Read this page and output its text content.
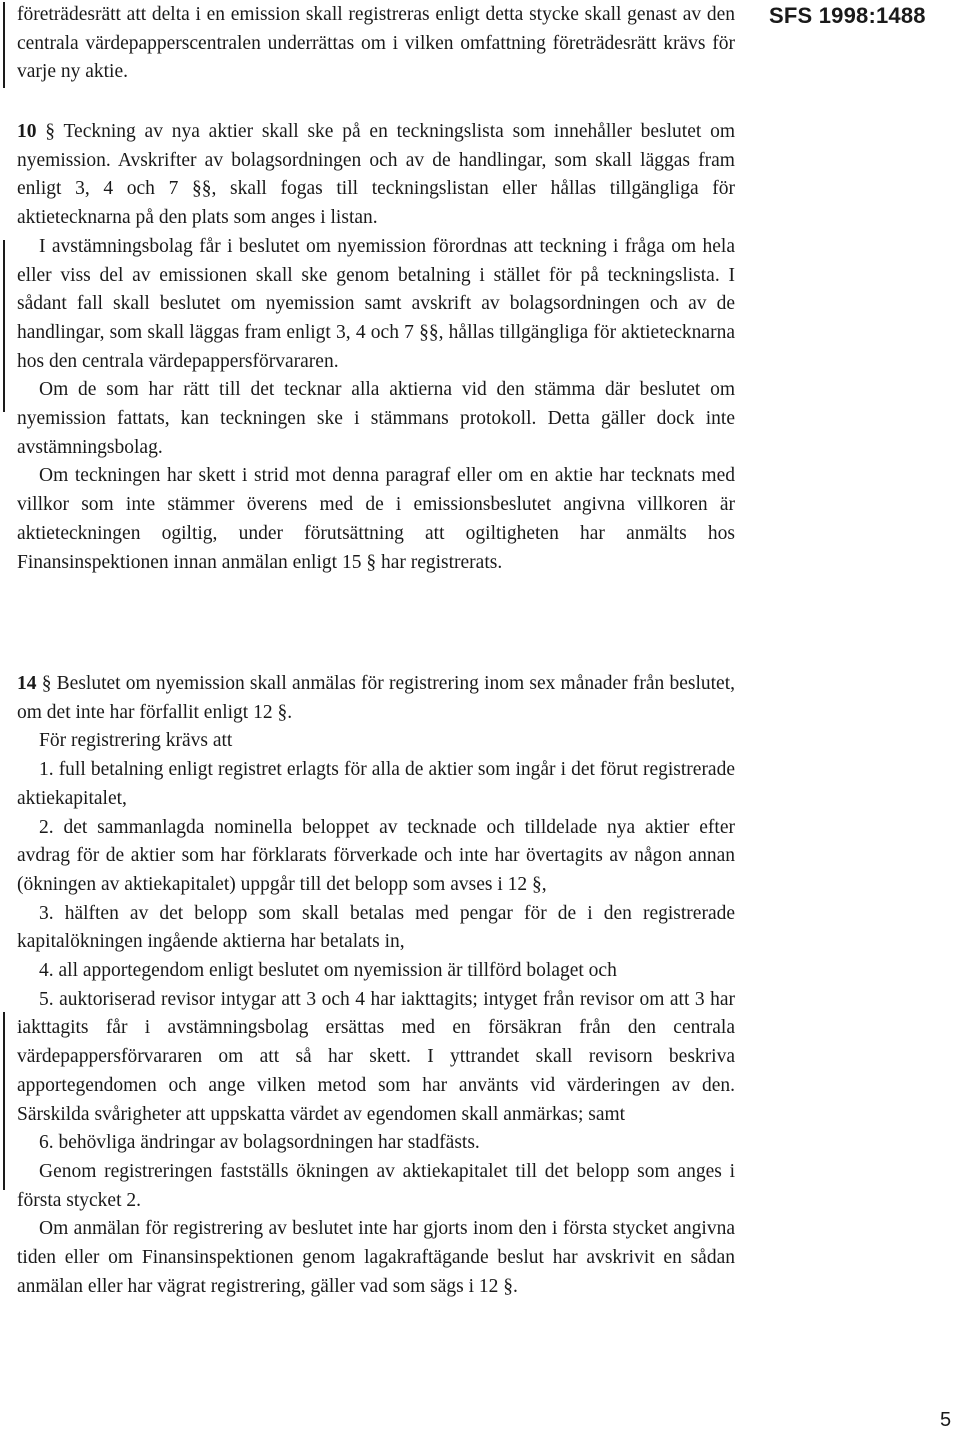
SFS 1998:1488

företrädesrätt att delta i en emission skall registreras enligt detta stycke skall genast av den centrala värdepapperscentralen underrättas om i vilken omfattning företrädesrätt krävs för varje ny aktie.

10 § Teckning av nya aktier skall ske på en teckningslista som innehåller beslutet om nyemission. Avskrifter av bolagsordningen och av de handlingar, som skall läggas fram enligt 3, 4 och 7 §§, skall fogas till teckningslistan eller hållas tillgängliga för aktietecknarna på den plats som anges i listan.

I avstämningsbolag får i beslutet om nyemission förordnas att teckning i fråga om hela eller viss del av emissionen skall ske genom betalning i stället för på teckningslista. I sådant fall skall beslutet om nyemission samt avskrift av bolagsordningen och av de handlingar, som skall läggas fram enligt 3, 4 och 7 §§, hållas tillgängliga för aktietecknarna hos den centrala värdepappersförvararen.

Om de som har rätt till det tecknar alla aktierna vid den stämma där beslutet om nyemission fattats, kan teckningen ske i stämmans protokoll. Detta gäller dock inte avstämningsbolag.

Om teckningen har skett i strid mot denna paragraf eller om en aktie har tecknats med villkor som inte stämmer överens med de i emissionsbeslutet angivna villkoren är aktieteckningen ogiltig, under förutsättning att ogiltigheten har anmälts hos Finansinspektionen innan anmälan enligt 15 § har registrerats.

14 § Beslutet om nyemission skall anmälas för registrering inom sex månader från beslutet, om det inte har förfallit enligt 12 §.

För registrering krävs att

1. full betalning enligt registret erlagts för alla de aktier som ingår i det förut registrerade aktiekapitalet,

2. det sammanlagda nominella beloppet av tecknade och tilldelade nya aktier efter avdrag för de aktier som har förklarats förverkade och inte har övertagits av någon annan (ökningen av aktiekapitalet) uppgår till det belopp som avses i 12 §,

3. hälften av det belopp som skall betalas med pengar för de i den registrerade kapitalökningen ingående aktierna har betalats in,

4. all apportegendom enligt beslutet om nyemission är tillförd bolaget och

5. auktoriserad revisor intygar att 3 och 4 har iakttagits; intyget från revisor om att 3 har iakttagits får i avstämningsbolag ersättas med en försäkran från den centrala värdepappersförvararen om att så har skett. I yttrandet skall revisorn beskriva apportegendomen och ange vilken metod som har använts vid värderingen av den. Särskilda svårigheter att uppskatta värdet av egendomen skall anmärkas; samt

6. behövliga ändringar av bolagsordningen har stadfästs.

Genom registreringen fastställs ökningen av aktiekapitalet till det belopp som anges i första stycket 2.

Om anmälan för registrering av beslutet inte har gjorts inom den i första stycket angivna tiden eller om Finansinspektionen genom lagakraftägande beslut har avskrivit en sådan anmälan eller har vägrat registrering, gäller vad som sägs i 12 §.

5
